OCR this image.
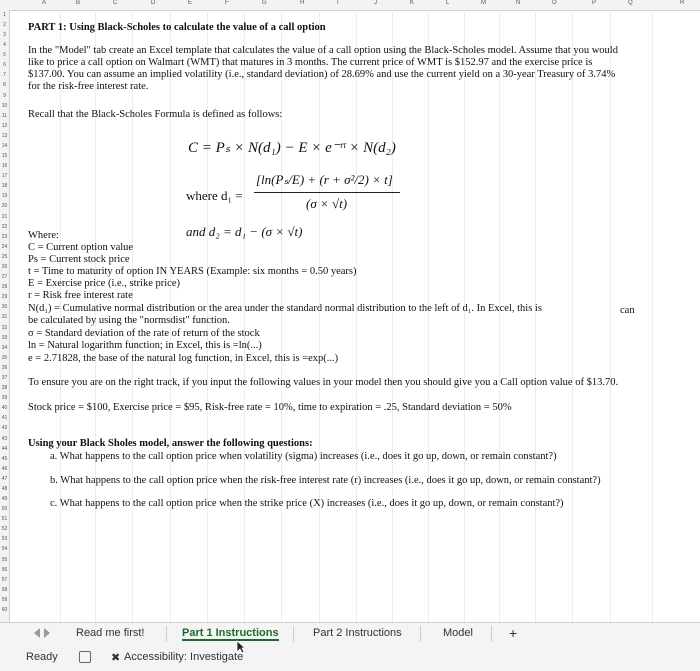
A	B	C	D	E	F	G	H	I	J	K	L	M	N	O	P	Q	R
1
2
3
4
5
6
7
8
9
10
11
12
13
14
15
16
17
18
19
20
21
22
23
24
25
26
27
28
29
30
31
32
33
34
35
36
37
38
39
40
41
42
43
44
45
46
47
48
49
50
51
52
53
54
55
56
57
58
59
60
PART 1: Using Black-Scholes to calculate the value of a call option
In the "Model" tab create an Excel template that calculates the value of a call option using the Black-Scholes model. Assume that you would
like to price a call option on Walmart (WMT) that matures in 3 months. The current price of WMT is $152.97 and the exercise price is
$137.00. You can assume an implied volatility (i.e., standard deviation) of 28.69% and use the current yield on a 30-year Treasury of 3.74%
for the risk-free interest rate.
Recall that the Black-Scholes Formula is defined as follows:
C = Pₛ × N(d₁) − E × e⁻ʳᵗ × N(d₂)
where d₁ =
[ln(Pₛ/E) + (r + σ²/2) × t]
(σ × √t)
and d₂ = d₁ − (σ × √t)
Where:
C = Current option value
Ps = Current stock price
t = Time to maturity of option IN YEARS (Example: six months = 0.50 years)
E = Exercise price (i.e., strike price)
r = Risk free interest rate
N(d₁) = Cumulative normal distribution or the area under the standard normal distribution to the left of d₁. In Excel, this is	can
be calculated by using the "normsdist" function.
σ = Standard deviation of the rate of return of the stock
ln = Natural logarithm function; in Excel, this is =ln(...)
e = 2.71828, the base of the natural log function, in Excel, this is =exp(...)
To ensure you are on the right track, if you input the following values in your model then you should give you a Call option value of $13.70.
Stock price = $100, Exercise price = $95, Risk-free rate = 10%, time to expiration = .25, Standard deviation = 50%
Using your Black Sholes model, answer the following questions:
a. What happens to the call option price when volatility (sigma) increases (i.e., does it go up, down, or remain constant?)
b. What happens to the call option price when the risk-free interest rate (r) increases (i.e., does it go up, down, or remain constant?)
c. What happens to the call option price when the strike price (X) increases (i.e., does it go up, down, or remain constant?)
Read me first!	Part 1 Instructions	Part 2 Instructions	Model	+
Ready	✖ Accessibility: Investigate
